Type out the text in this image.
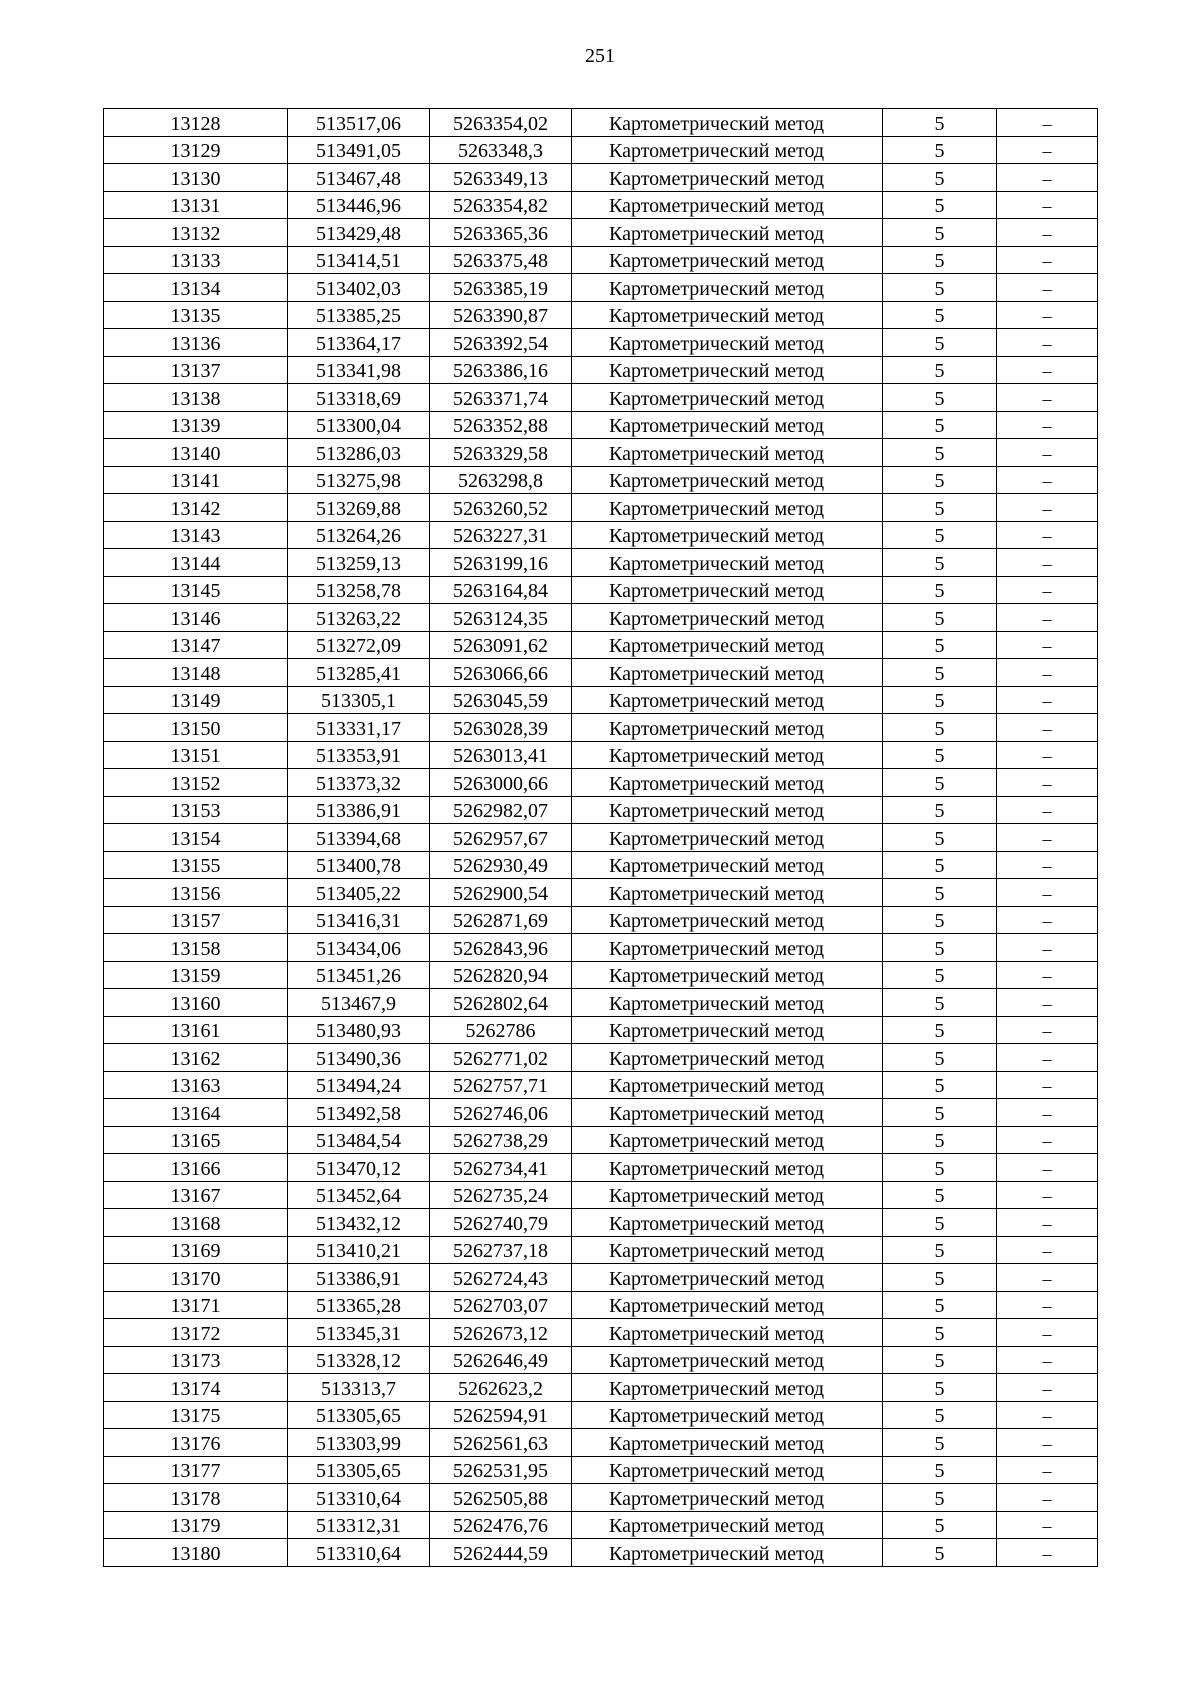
251
13128	513517,06	5263354,02	Картометрический метод	5	–
13129	513491,05	5263348,3	Картометрический метод	5	–
13130	513467,48	5263349,13	Картометрический метод	5	–
13131	513446,96	5263354,82	Картометрический метод	5	–
13132	513429,48	5263365,36	Картометрический метод	5	–
13133	513414,51	5263375,48	Картометрический метод	5	–
13134	513402,03	5263385,19	Картометрический метод	5	–
13135	513385,25	5263390,87	Картометрический метод	5	–
13136	513364,17	5263392,54	Картометрический метод	5	–
13137	513341,98	5263386,16	Картометрический метод	5	–
13138	513318,69	5263371,74	Картометрический метод	5	–
13139	513300,04	5263352,88	Картометрический метод	5	–
13140	513286,03	5263329,58	Картометрический метод	5	–
13141	513275,98	5263298,8	Картометрический метод	5	–
13142	513269,88	5263260,52	Картометрический метод	5	–
13143	513264,26	5263227,31	Картометрический метод	5	–
13144	513259,13	5263199,16	Картометрический метод	5	–
13145	513258,78	5263164,84	Картометрический метод	5	–
13146	513263,22	5263124,35	Картометрический метод	5	–
13147	513272,09	5263091,62	Картометрический метод	5	–
13148	513285,41	5263066,66	Картометрический метод	5	–
13149	513305,1	5263045,59	Картометрический метод	5	–
13150	513331,17	5263028,39	Картометрический метод	5	–
13151	513353,91	5263013,41	Картометрический метод	5	–
13152	513373,32	5263000,66	Картометрический метод	5	–
13153	513386,91	5262982,07	Картометрический метод	5	–
13154	513394,68	5262957,67	Картометрический метод	5	–
13155	513400,78	5262930,49	Картометрический метод	5	–
13156	513405,22	5262900,54	Картометрический метод	5	–
13157	513416,31	5262871,69	Картометрический метод	5	–
13158	513434,06	5262843,96	Картометрический метод	5	–
13159	513451,26	5262820,94	Картометрический метод	5	–
13160	513467,9	5262802,64	Картометрический метод	5	–
13161	513480,93	5262786	Картометрический метод	5	–
13162	513490,36	5262771,02	Картометрический метод	5	–
13163	513494,24	5262757,71	Картометрический метод	5	–
13164	513492,58	5262746,06	Картометрический метод	5	–
13165	513484,54	5262738,29	Картометрический метод	5	–
13166	513470,12	5262734,41	Картометрический метод	5	–
13167	513452,64	5262735,24	Картометрический метод	5	–
13168	513432,12	5262740,79	Картометрический метод	5	–
13169	513410,21	5262737,18	Картометрический метод	5	–
13170	513386,91	5262724,43	Картометрический метод	5	–
13171	513365,28	5262703,07	Картометрический метод	5	–
13172	513345,31	5262673,12	Картометрический метод	5	–
13173	513328,12	5262646,49	Картометрический метод	5	–
13174	513313,7	5262623,2	Картометрический метод	5	–
13175	513305,65	5262594,91	Картометрический метод	5	–
13176	513303,99	5262561,63	Картометрический метод	5	–
13177	513305,65	5262531,95	Картометрический метод	5	–
13178	513310,64	5262505,88	Картометрический метод	5	–
13179	513312,31	5262476,76	Картометрический метод	5	–
13180	513310,64	5262444,59	Картометрический метод	5	–
